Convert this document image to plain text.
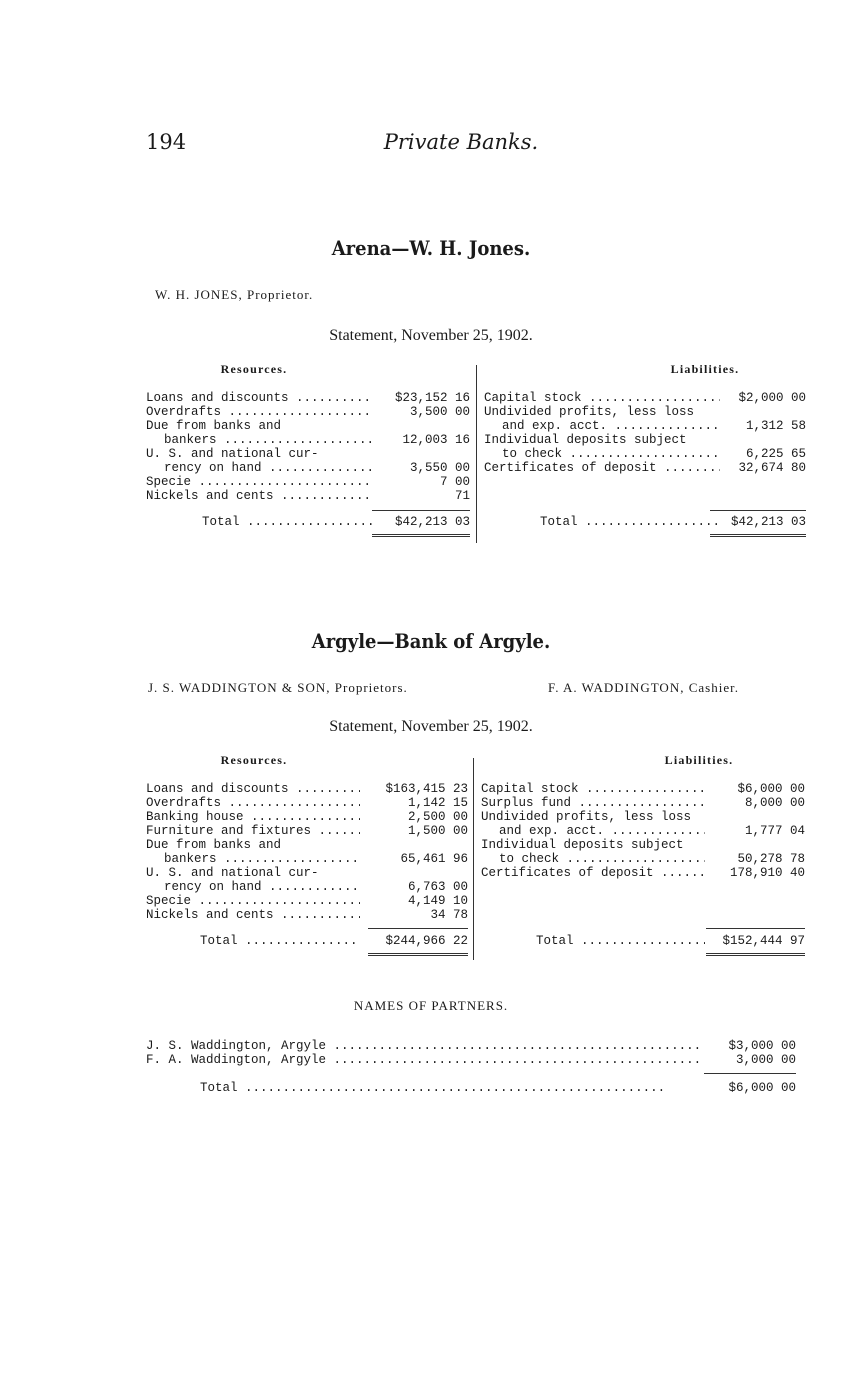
194	Private Banks.
Arena—W. H. Jones.
W. H. JONES, Proprietor.
Statement, November 25, 1902.
Resources.	Liabilities.
Loans and discounts .....	$23,152 16
Overdrafts .....	3,500 00
Due from banks and
bankers .....	12,003 16
U. S. and national cur-
rency on hand .....	3,550 00
Specie .....	7 00
Nickels and cents .....	71
Total .....	$42,213 03
Capital stock .....	$2,000 00
Undivided profits, less loss
and exp. acct. .....	1,312 58
Individual deposits subject
to check .....	6,225 65
Certificates of deposit .....	32,674 80
Total .....	$42,213 03
Argyle—Bank of Argyle.
J. S. WADDINGTON & SON, Proprietors.	F. A. WADDINGTON, Cashier.
Statement, November 25, 1902.
Resources.	Liabilities.
Loans and discounts .....	$163,415 23
Overdrafts .....	1,142 15
Banking house .....	2,500 00
Furniture and fixtures .....	1,500 00
Due from banks and
bankers .....	65,461 96
U. S. and national cur-
rency on hand .....	6,763 00
Specie .....	4,149 10
Nickels and cents .....	34 78
Total .....	$244,966 22
Capital stock .....	$6,000 00
Surplus fund .....	8,000 00
Undivided profits, less loss
and exp. acct. .....	1,777 04
Individual deposits subject
to check .....	50,278 78
Certificates of deposit .....	178,910 40
Total .....	$152,444 97
NAMES OF PARTNERS.
J. S. Waddington, Argyle .....	$3,000 00
F. A. Waddington, Argyle .....	3,000 00
Total .....	$6,000 00
